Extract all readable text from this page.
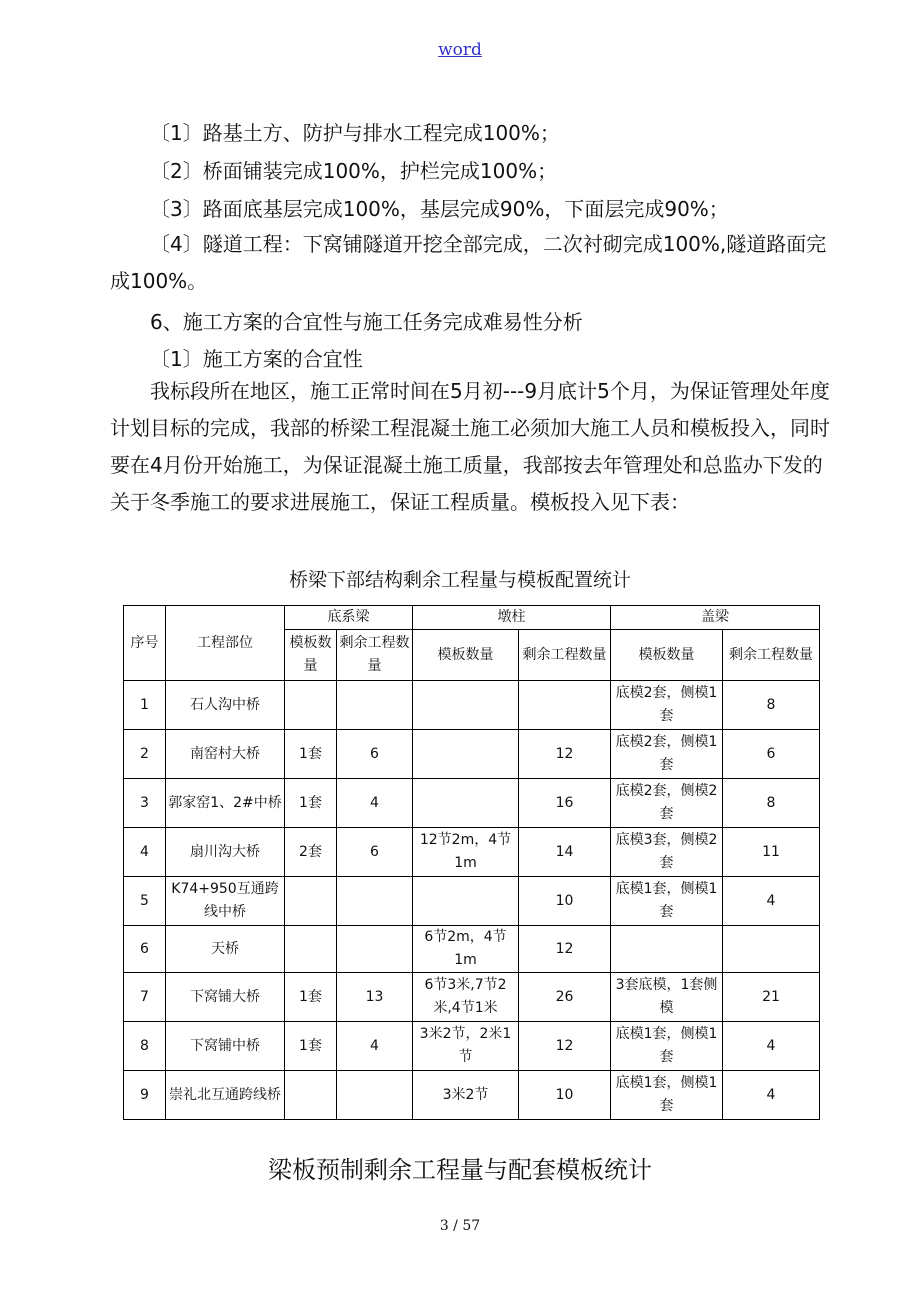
word
〔1〕路基土方、防护与排水工程完成100%；
〔2〕桥面铺装完成100%，护栏完成100%；
〔3〕路面底基层完成100%，基层完成90%，下面层完成90%；
〔4〕隧道工程：下窝铺隧道开挖全部完成，二次衬砌完成100%,隧道路面完成100%。
6、施工方案的合宜性与施工任务完成难易性分析
〔1〕施工方案的合宜性
我标段所在地区，施工正常时间在5月初---9月底计5个月，为保证管理处年度计划目标的完成，我部的桥梁工程混凝土施工必须加大施工人员和模板投入，同时要在4月份开始施工，为保证混凝土施工质量，我部按去年管理处和总监办下发的关于冬季施工的要求进展施工，保证工程质量。模板投入见下表：
桥梁下部结构剩余工程量与模板配置统计
序号	工程部位	底系梁		墩柱		盖梁	
		模板数量	剩余工程数量	模板数量	剩余工程数量	模板数量	剩余工程数量
1	石人沟中桥					底模2套，侧模1套	8
2	南窑村大桥	1套	6		12	底模2套，侧模1套	6
3	郭家窑1、2#中桥	1套	4		16	底模2套，侧模2套	8
4	扇川沟大桥	2套	6	12节2m，4节1m	14	底模3套，侧模2套	11
5	K74+950互通跨线中桥				10	底模1套，侧模1套	4
6	天桥			6节2m，4节1m	12		
7	下窝铺大桥	1套	13	6节3米,7节2米,4节1米	26	3套底模，1套侧模	21
8	下窝铺中桥	1套	4	3米2节，2米1节	12	底模1套，侧模1套	4
9	崇礼北互通跨线桥			3米2节	10	底模1套，侧模1套	4
梁板预制剩余工程量与配套模板统计
3 / 57
